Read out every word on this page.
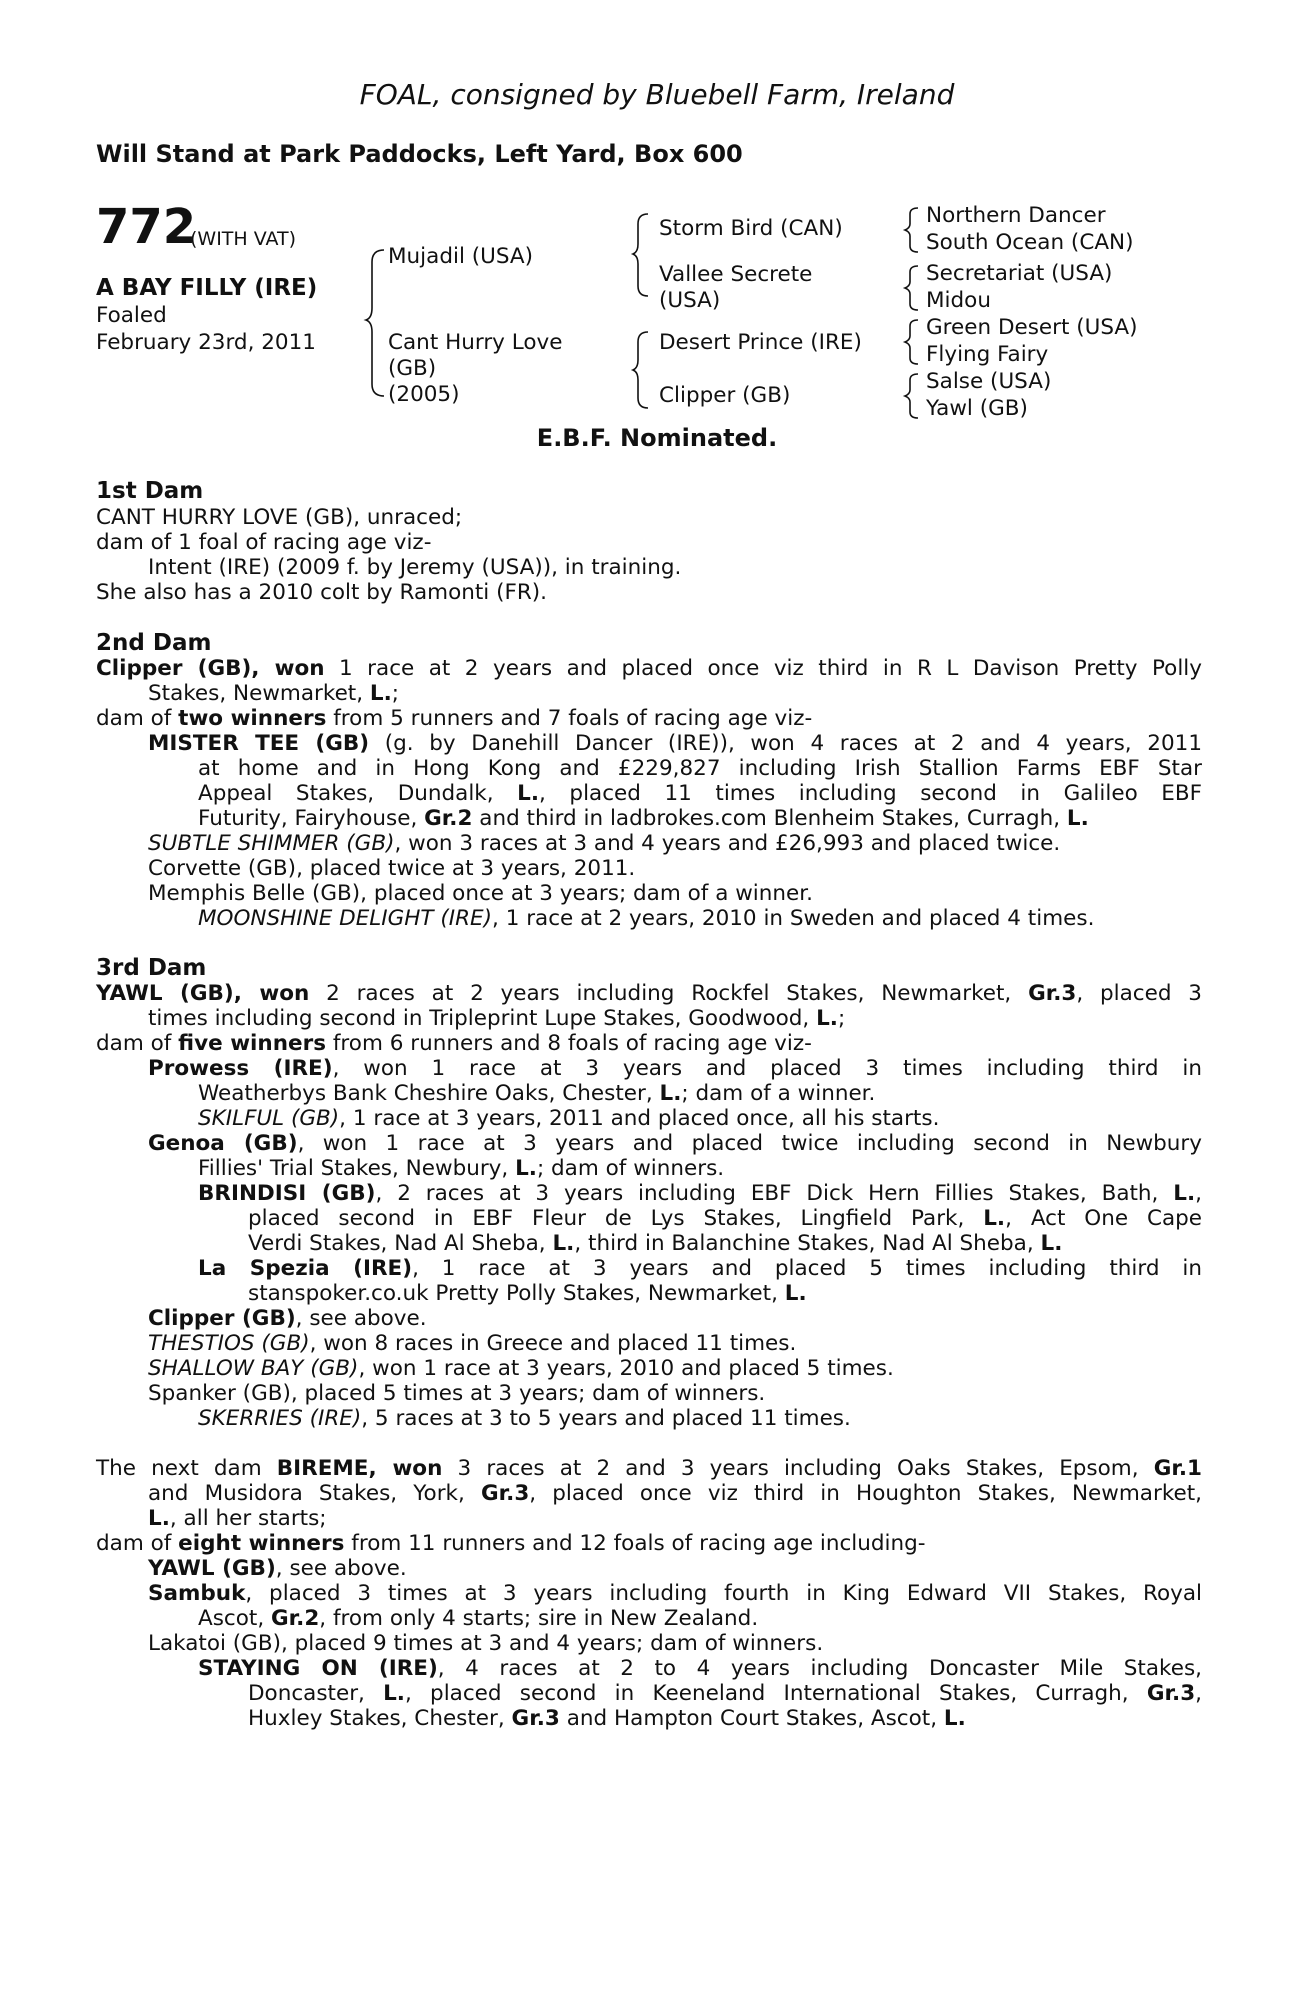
FOAL, consigned by Bluebell Farm, Ireland
Will Stand at Park Paddocks, Left Yard, Box 600
772
(WITH VAT)
A BAY FILLY (IRE)
Foaled
February 23rd, 2011
Mujadil (USA)
Cant Hurry Love
(GB)
(2005)
Storm Bird (CAN)
Vallee Secrete
(USA)
Desert Prince (IRE)
Clipper (GB)
Northern Dancer
South Ocean (CAN)
Secretariat (USA)
Midou
Green Desert (USA)
Flying Fairy
Salse (USA)
Yawl (GB)
E.B.F. Nominated.
1st Dam
CANT HURRY LOVE (GB), unraced;
dam of 1 foal of racing age viz-
Intent (IRE) (2009 f. by Jeremy (USA)), in training.
She also has a 2010 colt by Ramonti (FR).
2nd Dam
Clipper (GB), won 1 race at 2 years and placed once viz third in R L Davison Pretty Polly
Stakes, Newmarket, L.;
dam of two winners from 5 runners and 7 foals of racing age viz-
MISTER TEE (GB) (g. by Danehill Dancer (IRE)), won 4 races at 2 and 4 years, 2011
at home and in Hong Kong and £229,827 including Irish Stallion Farms EBF Star
Appeal Stakes, Dundalk, L., placed 11 times including second in Galileo EBF
Futurity, Fairyhouse, Gr.2 and third in ladbrokes.com Blenheim Stakes, Curragh, L.
SUBTLE SHIMMER (GB), won 3 races at 3 and 4 years and £26,993 and placed twice.
Corvette (GB), placed twice at 3 years, 2011.
Memphis Belle (GB), placed once at 3 years; dam of a winner.
MOONSHINE DELIGHT (IRE), 1 race at 2 years, 2010 in Sweden and placed 4 times.
3rd Dam
YAWL (GB), won 2 races at 2 years including Rockfel Stakes, Newmarket, Gr.3, placed 3
times including second in Tripleprint Lupe Stakes, Goodwood, L.;
dam of five winners from 6 runners and 8 foals of racing age viz-
Prowess (IRE), won 1 race at 3 years and placed 3 times including third in
Weatherbys Bank Cheshire Oaks, Chester, L.; dam of a winner.
SKILFUL (GB), 1 race at 3 years, 2011 and placed once, all his starts.
Genoa (GB), won 1 race at 3 years and placed twice including second in Newbury
Fillies' Trial Stakes, Newbury, L.; dam of winners.
BRINDISI (GB), 2 races at 3 years including EBF Dick Hern Fillies Stakes, Bath, L.,
placed second in EBF Fleur de Lys Stakes, Lingfield Park, L., Act One Cape
Verdi Stakes, Nad Al Sheba, L., third in Balanchine Stakes, Nad Al Sheba, L.
La Spezia (IRE), 1 race at 3 years and placed 5 times including third in
stanspoker.co.uk Pretty Polly Stakes, Newmarket, L.
Clipper (GB), see above.
THESTIOS (GB), won 8 races in Greece and placed 11 times.
SHALLOW BAY (GB), won 1 race at 3 years, 2010 and placed 5 times.
Spanker (GB), placed 5 times at 3 years; dam of winners.
SKERRIES (IRE), 5 races at 3 to 5 years and placed 11 times.
The next dam BIREME, won 3 races at 2 and 3 years including Oaks Stakes, Epsom, Gr.1
and Musidora Stakes, York, Gr.3, placed once viz third in Houghton Stakes, Newmarket,
L., all her starts;
dam of eight winners from 11 runners and 12 foals of racing age including-
YAWL (GB), see above.
Sambuk, placed 3 times at 3 years including fourth in King Edward VII Stakes, Royal
Ascot, Gr.2, from only 4 starts; sire in New Zealand.
Lakatoi (GB), placed 9 times at 3 and 4 years; dam of winners.
STAYING ON (IRE), 4 races at 2 to 4 years including Doncaster Mile Stakes,
Doncaster, L., placed second in Keeneland International Stakes, Curragh, Gr.3,
Huxley Stakes, Chester, Gr.3 and Hampton Court Stakes, Ascot, L.
